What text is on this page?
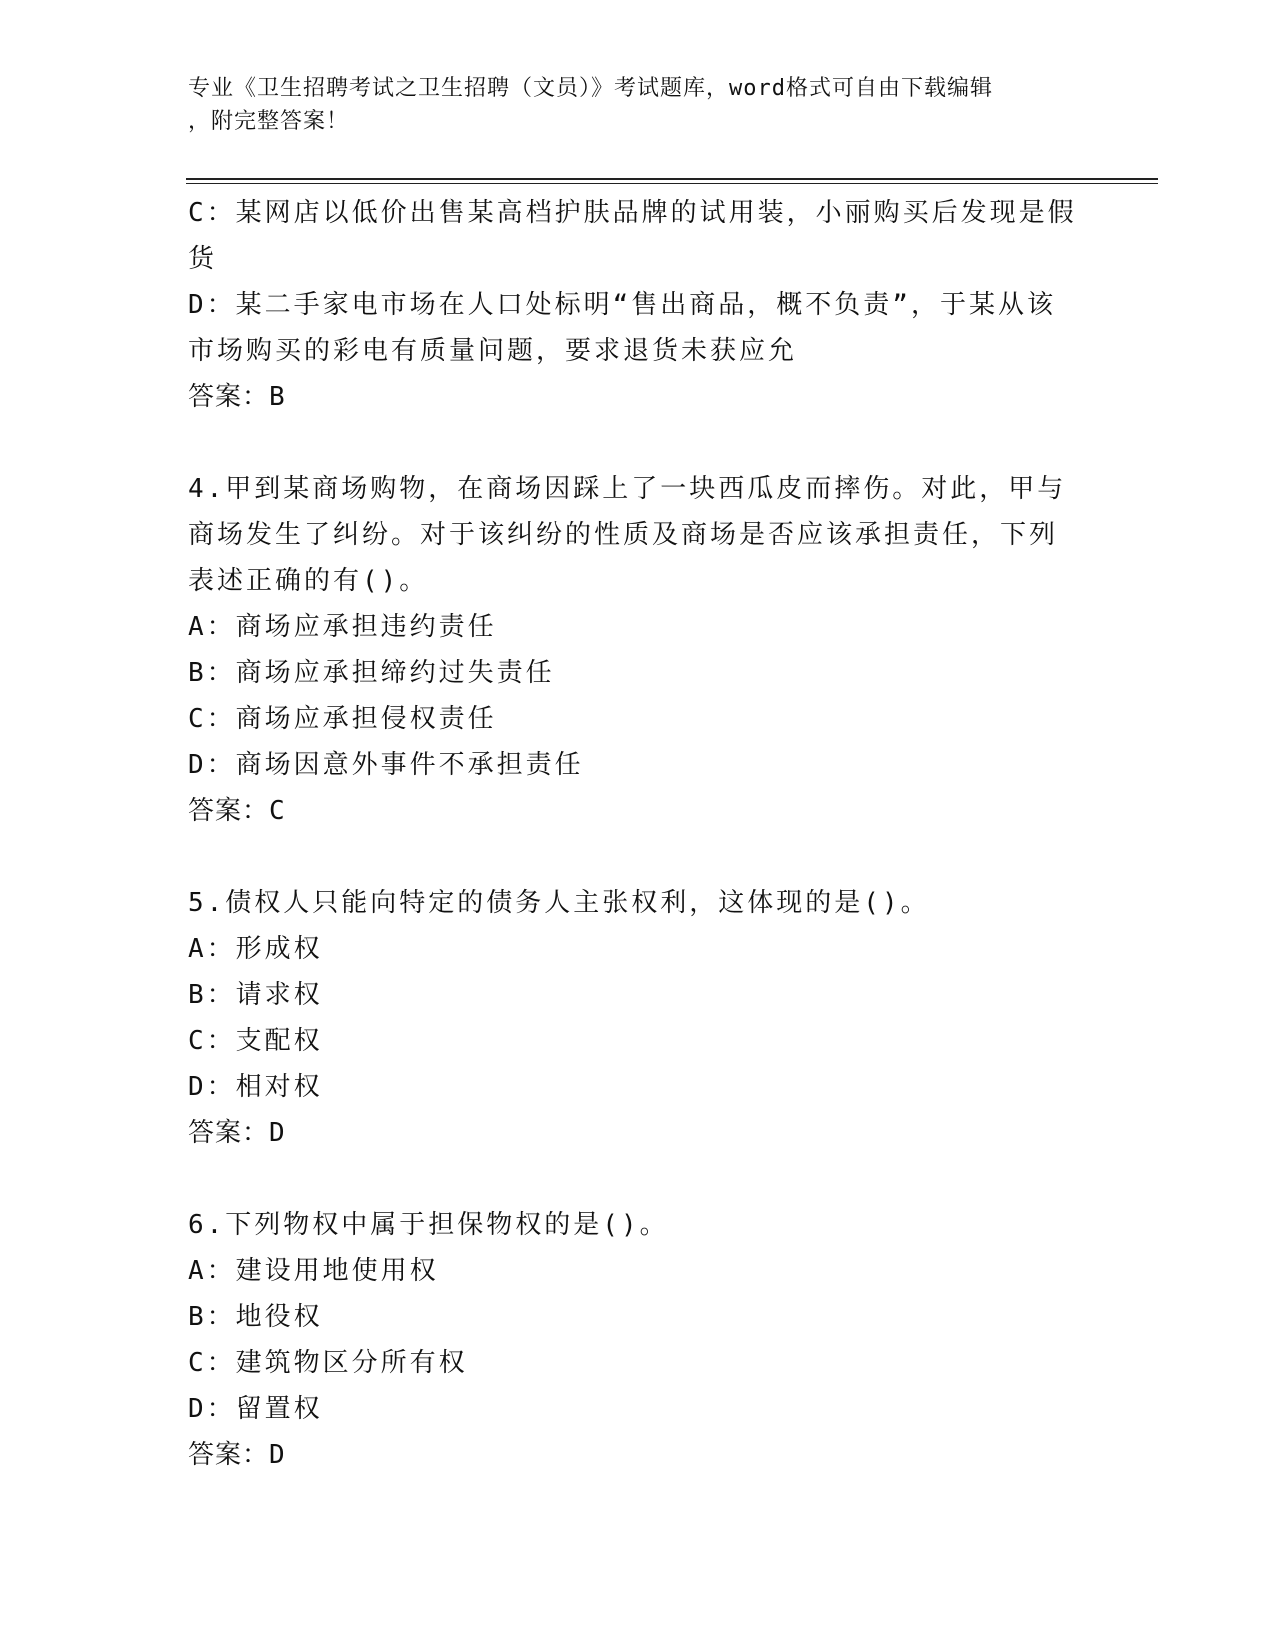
专业《卫生招聘考试之卫生招聘（文员）》考试题库，word格式可自由下载编辑
，附完整答案！

C：某网店以低价出售某高档护肤品牌的试用装，小丽购买后发现是假

货

D：某二手家电市场在人口处标明“售出商品，概不负责”，于某从该

市场购买的彩电有质量问题，要求退货未获应允

答案：B

4.甲到某商场购物，在商场因踩上了一块西瓜皮而摔伤。对此，甲与

商场发生了纠纷。对于该纠纷的性质及商场是否应该承担责任，下列

表述正确的有()。

A：商场应承担违约责任

B：商场应承担缔约过失责任

C：商场应承担侵权责任

D：商场因意外事件不承担责任

答案：C

5.债权人只能向特定的债务人主张权利，这体现的是()。

A：形成权

B：请求权

C：支配权

D：相对权

答案：D

6.下列物权中属于担保物权的是()。

A：建设用地使用权

B：地役权

C：建筑物区分所有权

D：留置权

答案：D
